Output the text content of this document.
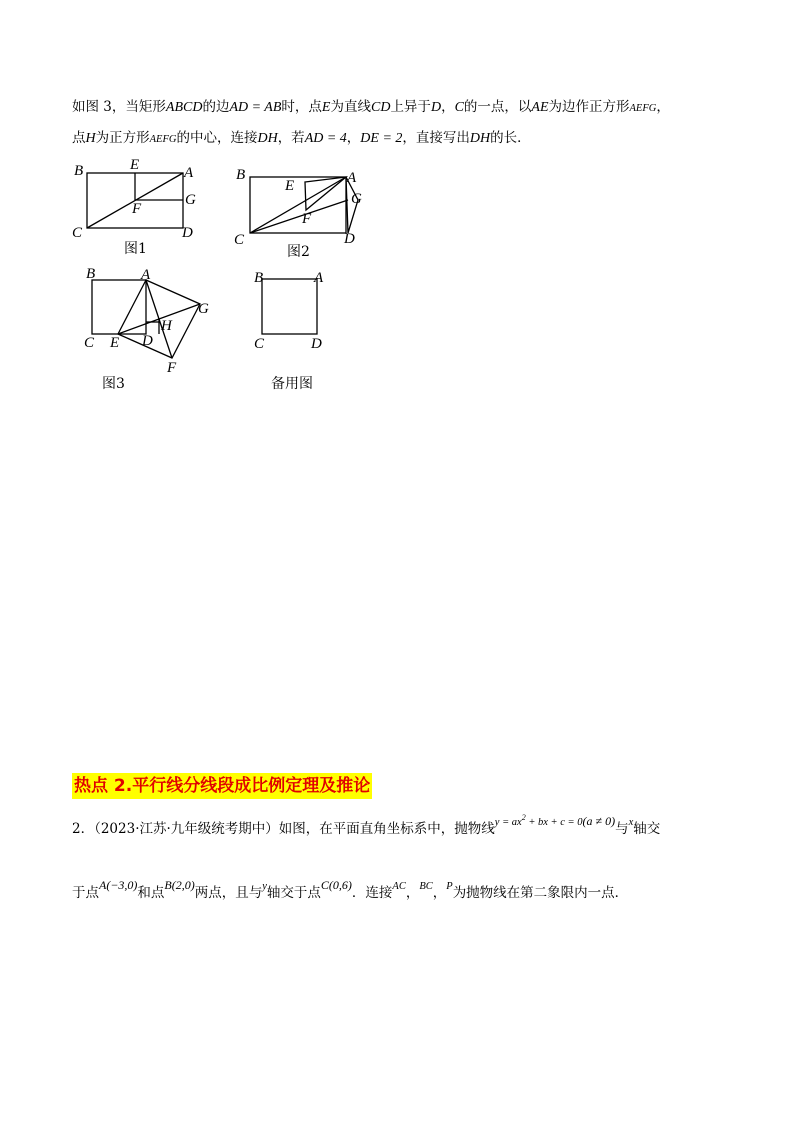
如图 3，当矩形ABCD的边AD = AB时，点E为直线CD上异于D，C的一点，以AE为边作正方形AEFG，
点H为正方形AEFG的中心，连接DH，若AD = 4，DE = 2，直接写出DH的长．
B	E	A
G
F
C	D
图1
B	A
E
G
F
C	D
图2
B	A
G
H
C E D
F
图3
B	A
C	D
备用图
热点 2.平行线分线段成比例定理及推论
2．（2023·江苏·九年级统考期中）如图，在平面直角坐标系中，抛物线$y = ax^2$ + bx + c = 0(a ≠ 0)与$^x$轴交
于点A(−3,0)和点B(2,0)两点，且与$^y$轴交于点C(0,6)．连接$^{AC}$，$^{BC}$，$^P$为抛物线在第二象限内一点．
